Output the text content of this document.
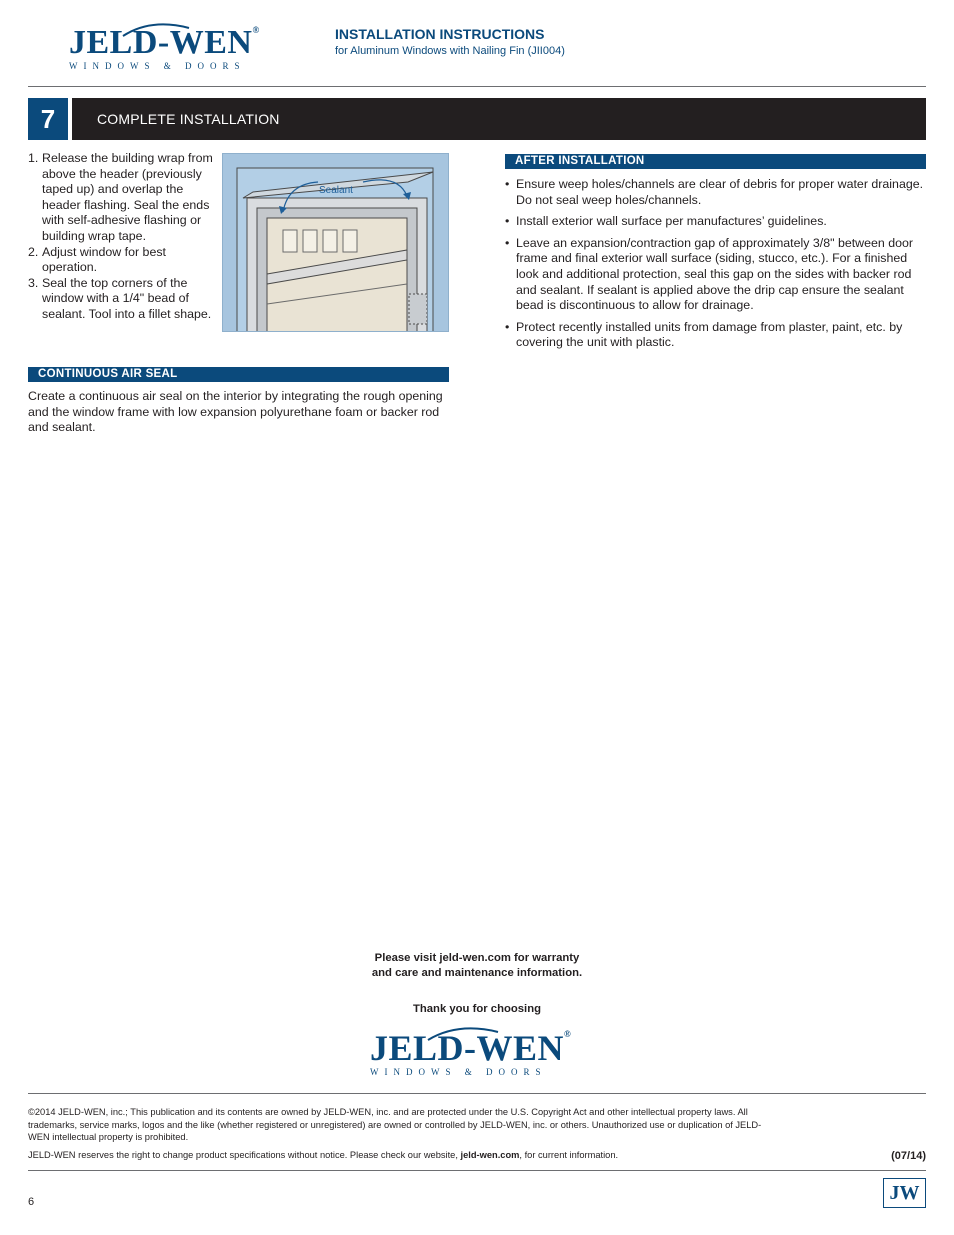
JELD-WEN®
WINDOWS & DOORS
INSTALLATION INSTRUCTIONS
for Aluminum Windows with Nailing Fin (JII004)
7	COMPLETE INSTALLATION
1. Release the building wrap from above the header (previously taped up) and overlap the header flashing. Seal the ends with self-adhesive flashing or building wrap tape.
2. Adjust window for best operation.
3. Seal the top corners of the window with a 1/4" bead of sealant. Tool into a fillet shape.
Sealant
CONTINUOUS AIR SEAL
Create a continuous air seal on the interior by integrating the rough opening and the window frame with low expansion polyurethane foam or backer rod and sealant.
AFTER INSTALLATION
• Ensure weep holes/channels are clear of debris for proper water drainage. Do not seal weep holes/channels.
• Install exterior wall surface per manufactures’ guidelines.
• Leave an expansion/contraction gap of approximately 3/8" between door frame and final exterior wall surface (siding, stucco, etc.). For a finished look and additional protection, seal this gap on the sides with backer rod and sealant. If sealant is applied above the drip cap ensure the sealant bead is discontinuous to allow for drainage.
• Protect recently installed units from damage from plaster, paint, etc. by covering the unit with plastic.
Please visit jeld-wen.com for warranty
and care and maintenance information.
Thank you for choosing
JELD-WEN®
WINDOWS & DOORS
©2014 JELD-WEN, inc.; This publication and its contents are owned by JELD-WEN, inc. and are protected under the U.S. Copyright Act and other intellectual property laws. All trademarks, service marks, logos and the like (whether registered or unregistered) are owned or controlled by JELD-WEN, inc. or others. Unauthorized use or duplication of JELD-WEN intellectual property is prohibited.
JELD-WEN reserves the right to change product specifications without notice. Please check our website, jeld-wen.com, for current information.	(07/14)
6	JW
